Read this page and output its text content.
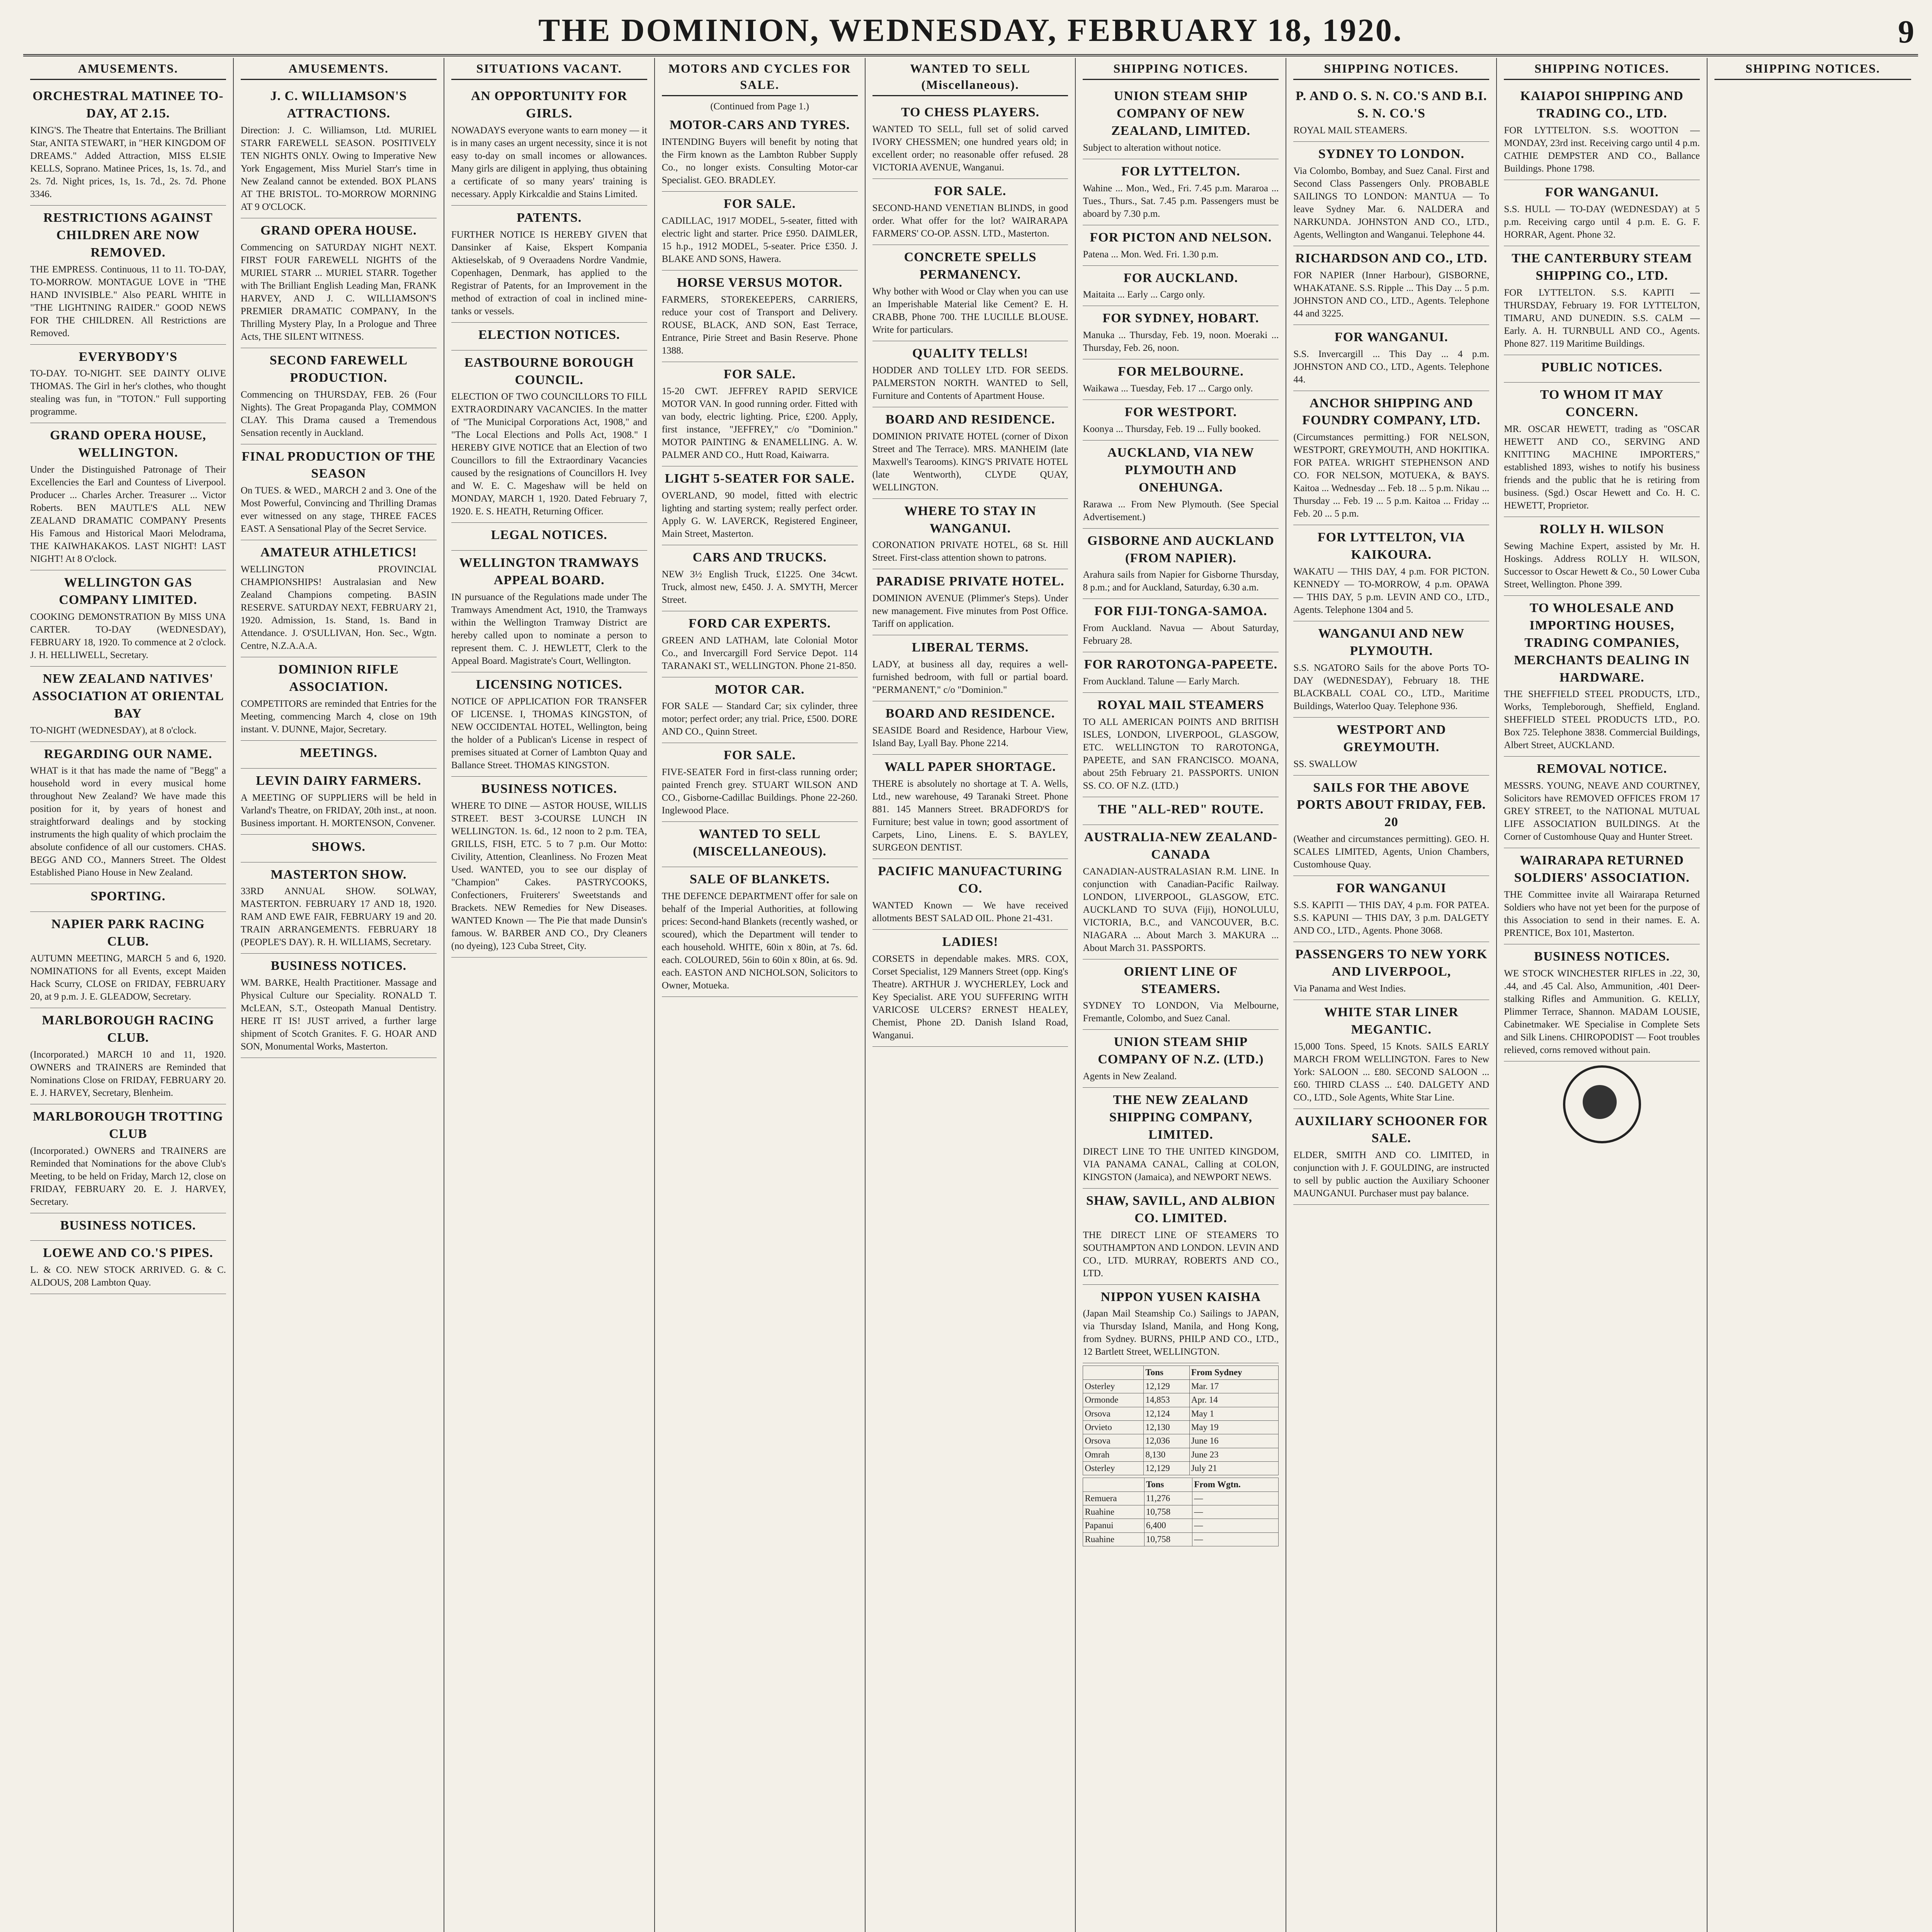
THE DOMINION, WEDNESDAY, FEBRUARY 18, 1920.	9
AMUSEMENTS.
ORCHESTRAL MATINEE TO-DAY, AT 2.15.
KING'S. The Theatre that Entertains. The Brilliant Star, ANITA STEWART, in "HER KINGDOM OF DREAMS." Added Attraction, MISS ELSIE KELLS, Soprano. Matinee Prices, 1s, 1s. 7d., and 2s. 7d. Night prices, 1s, 1s. 7d., 2s. 7d. Phone 3346.
RESTRICTIONS AGAINST CHILDREN ARE NOW REMOVED.
THE EMPRESS. Continuous, 11 to 11. TO-DAY, TO-MORROW. MONTAGUE LOVE in "THE HAND INVISIBLE." Also PEARL WHITE in "THE LIGHTNING RAIDER." GOOD NEWS FOR THE CHILDREN. All Restrictions are Removed.
EVERYBODY'S
TO-DAY. TO-NIGHT. SEE DAINTY OLIVE THOMAS. The Girl in her's clothes, who thought stealing was fun, in "TOTON." Full supporting programme.
GRAND OPERA HOUSE, WELLINGTON.
Under the Distinguished Patronage of Their Excellencies the Earl and Countess of Liverpool. Producer ... Charles Archer. Treasurer ... Victor Roberts. BEN MAUTLE'S ALL NEW ZEALAND DRAMATIC COMPANY Presents His Famous and Historical Maori Melodrama, THE KAIWHAKAKOS. LAST NIGHT! LAST NIGHT! At 8 O'clock.
WELLINGTON GAS COMPANY LIMITED.
COOKING DEMONSTRATION By MISS UNA CARTER. TO-DAY (WEDNESDAY), FEBRUARY 18, 1920. To commence at 2 o'clock. J. H. HELLIWELL, Secretary.
NEW ZEALAND NATIVES' ASSOCIATION AT ORIENTAL BAY
TO-NIGHT (WEDNESDAY), at 8 o'clock.
REGARDING OUR NAME.
WHAT is it that has made the name of "Begg" a household word in every musical home throughout New Zealand? We have made this position for it, by years of honest and straightforward dealings and by stocking instruments the high quality of which proclaim the absolute confidence of all our customers. CHAS. BEGG AND CO., Manners Street. The Oldest Established Piano House in New Zealand.
SPORTING.
NAPIER PARK RACING CLUB.
AUTUMN MEETING, MARCH 5 and 6, 1920. NOMINATIONS for all Events, except Maiden Hack Scurry, CLOSE on FRIDAY, FEBRUARY 20, at 9 p.m. J. E. GLEADOW, Secretary.
MARLBOROUGH RACING CLUB.
(Incorporated.) MARCH 10 and 11, 1920. OWNERS and TRAINERS are Reminded that Nominations Close on FRIDAY, FEBRUARY 20. E. J. HARVEY, Secretary, Blenheim.
MARLBOROUGH TROTTING CLUB
(Incorporated.) OWNERS and TRAINERS are Reminded that Nominations for the above Club's Meeting, to be held on Friday, March 12, close on FRIDAY, FEBRUARY 20. E. J. HARVEY, Secretary.
BUSINESS NOTICES.
LOEWE AND CO.'S PIPES.
L. & CO. NEW STOCK ARRIVED. G. & C. ALDOUS, 208 Lambton Quay.
AMUSEMENTS.
J. C. WILLIAMSON'S ATTRACTIONS.
Direction: J. C. Williamson, Ltd. MURIEL STARR FAREWELL SEASON. POSITIVELY TEN NIGHTS ONLY. Owing to Imperative New York Engagement, Miss Muriel Starr's time in New Zealand cannot be extended. BOX PLANS AT THE BRISTOL. TO-MORROW MORNING AT 9 O'CLOCK.
GRAND OPERA HOUSE.
Commencing on SATURDAY NIGHT NEXT. FIRST FOUR FAREWELL NIGHTS of the MURIEL STARR ... MURIEL STARR. Together with The Brilliant English Leading Man, FRANK HARVEY, AND J. C. WILLIAMSON'S PREMIER DRAMATIC COMPANY, In the Thrilling Mystery Play, In a Prologue and Three Acts, THE SILENT WITNESS.
SECOND FAREWELL PRODUCTION.
Commencing on THURSDAY, FEB. 26 (Four Nights). The Great Propaganda Play, COMMON CLAY. This Drama caused a Tremendous Sensation recently in Auckland.
FINAL PRODUCTION OF THE SEASON
On TUES. & WED., MARCH 2 and 3. One of the Most Powerful, Convincing and Thrilling Dramas ever witnessed on any stage, THREE FACES EAST. A Sensational Play of the Secret Service.
AMATEUR ATHLETICS!
WELLINGTON PROVINCIAL CHAMPIONSHIPS! Australasian and New Zealand Champions competing. BASIN RESERVE. SATURDAY NEXT, FEBRUARY 21, 1920. Admission, 1s. Stand, 1s. Band in Attendance. J. O'SULLIVAN, Hon. Sec., Wgtn. Centre, N.Z.A.A.A.
DOMINION RIFLE ASSOCIATION.
COMPETITORS are reminded that Entries for the Meeting, commencing March 4, close on 19th instant. V. DUNNE, Major, Secretary.
MEETINGS.
LEVIN DAIRY FARMERS.
A MEETING OF SUPPLIERS will be held in Varland's Theatre, on FRIDAY, 20th inst., at noon. Business important. H. MORTENSON, Convener.
SHOWS.
MASTERTON SHOW.
33RD ANNUAL SHOW. SOLWAY, MASTERTON. FEBRUARY 17 AND 18, 1920. RAM AND EWE FAIR, FEBRUARY 19 and 20. TRAIN ARRANGEMENTS. FEBRUARY 18 (PEOPLE'S DAY). R. H. WILLIAMS, Secretary.
BUSINESS NOTICES.
WM. BARKE, Health Practitioner. Massage and Physical Culture our Speciality. RONALD T. McLEAN, S.T., Osteopath Manual Dentistry. HERE IT IS! JUST arrived, a further large shipment of Scotch Granites. F. G. HOAR AND SON, Monumental Works, Masterton.
SITUATIONS VACANT.
AN OPPORTUNITY FOR GIRLS.
NOWADAYS everyone wants to earn money — it is in many cases an urgent necessity, since it is not easy to-day on small incomes or allowances. Many girls are diligent in applying, thus obtaining a certificate of so many years' training is necessary. Apply Kirkcaldie and Stains Limited.
PATENTS.
FURTHER NOTICE IS HEREBY GIVEN that Dansinker af Kaise, Ekspert Kompania Aktieselskab, of 9 Overaadens Nordre Vandmie, Copenhagen, Denmark, has applied to the Registrar of Patents, for an Improvement in the method of extraction of coal in inclined mine-tanks or vessels.
ELECTION NOTICES.
EASTBOURNE BOROUGH COUNCIL.
ELECTION OF TWO COUNCILLORS TO FILL EXTRAORDINARY VACANCIES. In the matter of "The Municipal Corporations Act, 1908," and "The Local Elections and Polls Act, 1908." I HEREBY GIVE NOTICE that an Election of two Councillors to fill the Extraordinary Vacancies caused by the resignations of Councillors H. Ivey and W. E. C. Mageshaw will be held on MONDAY, MARCH 1, 1920. Dated February 7, 1920. E. S. HEATH, Returning Officer.
LEGAL NOTICES.
WELLINGTON TRAMWAYS APPEAL BOARD.
IN pursuance of the Regulations made under The Tramways Amendment Act, 1910, the Tramways within the Wellington Tramway District are hereby called upon to nominate a person to represent them. C. J. HEWLETT, Clerk to the Appeal Board. Magistrate's Court, Wellington.
LICENSING NOTICES.
NOTICE OF APPLICATION FOR TRANSFER OF LICENSE. I, THOMAS KINGSTON, of NEW OCCIDENTAL HOTEL, Wellington, being the holder of a Publican's License in respect of premises situated at Corner of Lambton Quay and Ballance Street. THOMAS KINGSTON.
BUSINESS NOTICES.
WHERE TO DINE — ASTOR HOUSE, WILLIS STREET. BEST 3-COURSE LUNCH IN WELLINGTON. 1s. 6d., 12 noon to 2 p.m. TEA, GRILLS, FISH, ETC. 5 to 7 p.m. Our Motto: Civility, Attention, Cleanliness. No Frozen Meat Used. WANTED, you to see our display of "Champion" Cakes. PASTRYCOOKS, Confectioners, Fruiterers' Sweetstands and Brackets. NEW Remedies for New Diseases. WANTED Known — The Pie that made Dunsin's famous. W. BARBER AND CO., Dry Cleaners (no dyeing), 123 Cuba Street, City.
MOTORS AND CYCLES FOR SALE.
(Continued from Page 1.)
MOTOR-CARS AND TYRES.
INTENDING Buyers will benefit by noting that the Firm known as the Lambton Rubber Supply Co., no longer exists. Consulting Motor-car Specialist. GEO. BRADLEY.
FOR SALE.
CADILLAC, 1917 MODEL, 5-seater, fitted with electric light and starter. Price £950. DAIMLER, 15 h.p., 1912 MODEL, 5-seater. Price £350. J. BLAKE AND SONS, Hawera.
HORSE VERSUS MOTOR.
FARMERS, STOREKEEPERS, CARRIERS, reduce your cost of Transport and Delivery. ROUSE, BLACK, AND SON, East Terrace, Entrance, Pirie Street and Basin Reserve. Phone 1388.
FOR SALE.
15-20 CWT. JEFFREY RAPID SERVICE MOTOR VAN. In good running order. Fitted with van body, electric lighting. Price, £200. Apply, first instance, "JEFFREY," c/o "Dominion." MOTOR PAINTING & ENAMELLING. A. W. PALMER AND CO., Hutt Road, Kaiwarra.
LIGHT 5-SEATER FOR SALE.
OVERLAND, 90 model, fitted with electric lighting and starting system; really perfect order. Apply G. W. LAVERCK, Registered Engineer, Main Street, Masterton.
CARS AND TRUCKS.
NEW 3½ English Truck, £1225. One 34cwt. Truck, almost new, £450. J. A. SMYTH, Mercer Street.
FORD CAR EXPERTS.
GREEN AND LATHAM, late Colonial Motor Co., and Invercargill Ford Service Depot. 114 TARANAKI ST., WELLINGTON. Phone 21-850.
MOTOR CAR.
FOR SALE — Standard Car; six cylinder, three motor; perfect order; any trial. Price, £500. DORE AND CO., Quinn Street.
FOR SALE.
FIVE-SEATER Ford in first-class running order; painted French grey. STUART WILSON AND CO., Gisborne-Cadillac Buildings. Phone 22-260. Inglewood Place.
WANTED TO SELL (MISCELLANEOUS).
SALE OF BLANKETS.
THE DEFENCE DEPARTMENT offer for sale on behalf of the Imperial Authorities, at following prices: Second-hand Blankets (recently washed, or scoured), which the Department will tender to each household. WHITE, 60in x 80in, at 7s. 6d. each. COLOURED, 56in to 60in x 80in, at 6s. 9d. each. EASTON AND NICHOLSON, Solicitors to Owner, Motueka.
WANTED TO SELL (Miscellaneous).
TO CHESS PLAYERS.
WANTED TO SELL, full set of solid carved IVORY CHESSMEN; one hundred years old; in excellent order; no reasonable offer refused. 28 VICTORIA AVENUE, Wanganui.
FOR SALE.
SECOND-HAND VENETIAN BLINDS, in good order. What offer for the lot? WAIRARAPA FARMERS' CO-OP. ASSN. LTD., Masterton.
CONCRETE SPELLS PERMANENCY.
Why bother with Wood or Clay when you can use an Imperishable Material like Cement? E. H. CRABB, Phone 700. THE LUCILLE BLOUSE. Write for particulars.
QUALITY TELLS!
HODDER AND TOLLEY LTD. FOR SEEDS. PALMERSTON NORTH. WANTED to Sell, Furniture and Contents of Apartment House.
BOARD AND RESIDENCE.
DOMINION PRIVATE HOTEL (corner of Dixon Street and The Terrace). MRS. MANHEIM (late Maxwell's Tearooms). KING'S PRIVATE HOTEL (late Wentworth), CLYDE QUAY, WELLINGTON.
WHERE TO STAY IN WANGANUI.
CORONATION PRIVATE HOTEL, 68 St. Hill Street. First-class attention shown to patrons.
PARADISE PRIVATE HOTEL.
DOMINION AVENUE (Plimmer's Steps). Under new management. Five minutes from Post Office. Tariff on application.
LIBERAL TERMS.
LADY, at business all day, requires a well-furnished bedroom, with full or partial board. "PERMANENT," c/o "Dominion."
BOARD AND RESIDENCE.
SEASIDE Board and Residence, Harbour View, Island Bay, Lyall Bay. Phone 2214.
WALL PAPER SHORTAGE.
THERE is absolutely no shortage at T. A. Wells, Ltd., new warehouse, 49 Taranaki Street. Phone 881. 145 Manners Street. BRADFORD'S for Furniture; best value in town; good assortment of Carpets, Lino, Linens. E. S. BAYLEY, SURGEON DENTIST.
PACIFIC MANUFACTURING CO.
WANTED Known — We have received allotments BEST SALAD OIL. Phone 21-431.
LADIES!
CORSETS in dependable makes. MRS. COX, Corset Specialist, 129 Manners Street (opp. King's Theatre). ARTHUR J. WYCHERLEY, Lock and Key Specialist. ARE YOU SUFFERING WITH VARICOSE ULCERS? ERNEST HEALEY, Chemist, Phone 2D. Danish Island Road, Wanganui.
SHIPPING NOTICES.
UNION STEAM SHIP COMPANY OF NEW ZEALAND, LIMITED.
Subject to alteration without notice.
FOR LYTTELTON.
Wahine ... Mon., Wed., Fri. 7.45 p.m. Mararoa ... Tues., Thurs., Sat. 7.45 p.m. Passengers must be aboard by 7.30 p.m.
FOR PICTON AND NELSON.
Patena ... Mon. Wed. Fri. 1.30 p.m.
FOR AUCKLAND.
Maitaita ... Early ... Cargo only.
FOR SYDNEY, HOBART.
Manuka ... Thursday, Feb. 19, noon. Moeraki ... Thursday, Feb. 26, noon.
FOR MELBOURNE.
Waikawa ... Tuesday, Feb. 17 ... Cargo only.
FOR WESTPORT.
Koonya ... Thursday, Feb. 19 ... Fully booked.
AUCKLAND, VIA NEW PLYMOUTH AND ONEHUNGA.
Rarawa ... From New Plymouth. (See Special Advertisement.)
GISBORNE AND AUCKLAND (FROM NAPIER).
Arahura sails from Napier for Gisborne Thursday, 8 p.m.; and for Auckland, Saturday, 6.30 a.m.
FOR FIJI-TONGA-SAMOA.
From Auckland. Navua — About Saturday, February 28.
FOR RAROTONGA-PAPEETE.
From Auckland. Talune — Early March.
ROYAL MAIL STEAMERS
TO ALL AMERICAN POINTS AND BRITISH ISLES, LONDON, LIVERPOOL, GLASGOW, ETC. WELLINGTON TO RAROTONGA, PAPEETE, and SAN FRANCISCO. MOANA, about 25th February 21. PASSPORTS. UNION SS. CO. OF N.Z. (LTD.)
THE "ALL-RED" ROUTE.
AUSTRALIA-NEW ZEALAND-CANADA
CANADIAN-AUSTRALASIAN R.M. LINE. In conjunction with Canadian-Pacific Railway. LONDON, LIVERPOOL, GLASGOW, ETC. AUCKLAND TO SUVA (Fiji), HONOLULU, VICTORIA, B.C., and VANCOUVER, B.C. NIAGARA ... About March 3. MAKURA ... About March 31. PASSPORTS.
ORIENT LINE OF STEAMERS.
SYDNEY TO LONDON, Via Melbourne, Fremantle, Colombo, and Suez Canal.
UNION STEAM SHIP COMPANY OF N.Z. (LTD.)
Agents in New Zealand.
THE NEW ZEALAND SHIPPING COMPANY, LIMITED.
DIRECT LINE TO THE UNITED KINGDOM, VIA PANAMA CANAL, Calling at COLON, KINGSTON (Jamaica), and NEWPORT NEWS.
SHAW, SAVILL, AND ALBION CO. LIMITED.
THE DIRECT LINE OF STEAMERS TO SOUTHAMPTON AND LONDON. LEVIN AND CO., LTD. MURRAY, ROBERTS AND CO., LTD.
NIPPON YUSEN KAISHA
(Japan Mail Steamship Co.) Sailings to JAPAN, via Thursday Island, Manila, and Hong Kong, from Sydney. BURNS, PHILP AND CO., LTD., 12 Bartlett Street, WELLINGTON.
	Tons	From Sydney
Osterley	12,129	Mar. 17
Ormonde	14,853	Apr. 14
Orsova	12,124	May 1
Orvieto	12,130	May 19
Orsova	12,036	June 16
Omrah	8,130	June 23
Osterley	12,129	July 21
	Tons	From Wgtn.
Remuera	11,276	—
Ruahine	10,758	—
Papanui	6,400	—
Ruahine	10,758	—
SHIPPING NOTICES.
P. AND O. S. N. CO.'S AND B.I. S. N. CO.'S
ROYAL MAIL STEAMERS.
SYDNEY TO LONDON.
Via Colombo, Bombay, and Suez Canal. First and Second Class Passengers Only. PROBABLE SAILINGS TO LONDON: MANTUA — To leave Sydney Mar. 6. NALDERA and NARKUNDA. JOHNSTON AND CO., LTD., Agents, Wellington and Wanganui. Telephone 44.
RICHARDSON AND CO., LTD.
FOR NAPIER (Inner Harbour), GISBORNE, WHAKATANE. S.S. Ripple ... This Day ... 5 p.m. JOHNSTON AND CO., LTD., Agents. Telephone 44 and 3225.
FOR WANGANUI.
S.S. Invercargill ... This Day ... 4 p.m. JOHNSTON AND CO., LTD., Agents. Telephone 44.
ANCHOR SHIPPING AND FOUNDRY COMPANY, LTD.
(Circumstances permitting.) FOR NELSON, WESTPORT, GREYMOUTH, AND HOKITIKA. FOR PATEA. WRIGHT STEPHENSON AND CO. FOR NELSON, MOTUEKA, & BAYS. Kaitoa ... Wednesday ... Feb. 18 ... 5 p.m. Nikau ... Thursday ... Feb. 19 ... 5 p.m. Kaitoa ... Friday ... Feb. 20 ... 5 p.m.
FOR LYTTELTON, VIA KAIKOURA.
WAKATU — THIS DAY, 4 p.m. FOR PICTON. KENNEDY — TO-MORROW, 4 p.m. OPAWA — THIS DAY, 5 p.m. LEVIN AND CO., LTD., Agents. Telephone 1304 and 5.
WANGANUI AND NEW PLYMOUTH.
S.S. NGATORO Sails for the above Ports TO-DAY (WEDNESDAY), February 18. THE BLACKBALL COAL CO., LTD., Maritime Buildings, Waterloo Quay. Telephone 936.
WESTPORT AND GREYMOUTH.
SS. SWALLOW
SAILS FOR THE ABOVE PORTS ABOUT FRIDAY, FEB. 20
(Weather and circumstances permitting). GEO. H. SCALES LIMITED, Agents, Union Chambers, Customhouse Quay.
FOR WANGANUI
S.S. KAPITI — THIS DAY, 4 p.m. FOR PATEA. S.S. KAPUNI — THIS DAY, 3 p.m. DALGETY AND CO., LTD., Agents. Phone 3068.
PASSENGERS TO NEW YORK AND LIVERPOOL,
Via Panama and West Indies.
WHITE STAR LINER MEGANTIC.
15,000 Tons. Speed, 15 Knots. SAILS EARLY MARCH FROM WELLINGTON. Fares to New York: SALOON ... £80. SECOND SALOON ... £60. THIRD CLASS ... £40. DALGETY AND CO., LTD., Sole Agents, White Star Line.
AUXILIARY SCHOONER FOR SALE.
ELDER, SMITH AND CO. LIMITED, in conjunction with J. F. GOULDING, are instructed to sell by public auction the Auxiliary Schooner MAUNGANUI. Purchaser must pay balance.
SHIPPING NOTICES.
KAIAPOI SHIPPING AND TRADING CO., LTD.
FOR LYTTELTON. S.S. WOOTTON — MONDAY, 23rd inst. Receiving cargo until 4 p.m. CATHIE DEMPSTER AND CO., Ballance Buildings. Phone 1798.
FOR WANGANUI.
S.S. HULL — TO-DAY (WEDNESDAY) at 5 p.m. Receiving cargo until 4 p.m. E. G. F. HORRAR, Agent. Phone 32.
THE CANTERBURY STEAM SHIPPING CO., LTD.
FOR LYTTELTON. S.S. KAPITI — THURSDAY, February 19. FOR LYTTELTON, TIMARU, AND DUNEDIN. S.S. CALM — Early. A. H. TURNBULL AND CO., Agents. Phone 827. 119 Maritime Buildings.
PUBLIC NOTICES.
TO WHOM IT MAY CONCERN.
MR. OSCAR HEWETT, trading as "OSCAR HEWETT AND CO., SERVING AND KNITTING MACHINE IMPORTERS," established 1893, wishes to notify his business friends and the public that he is retiring from business. (Sgd.) Oscar Hewett and Co. H. C. HEWETT, Proprietor.
ROLLY H. WILSON
Sewing Machine Expert, assisted by Mr. H. Hoskings. Address ROLLY H. WILSON, Successor to Oscar Hewett & Co., 50 Lower Cuba Street, Wellington. Phone 399.
TO WHOLESALE AND IMPORTING HOUSES, TRADING COMPANIES, MERCHANTS DEALING IN HARDWARE.
THE SHEFFIELD STEEL PRODUCTS, LTD., Works, Templeborough, Sheffield, England. SHEFFIELD STEEL PRODUCTS LTD., P.O. Box 725. Telephone 3838. Commercial Buildings, Albert Street, AUCKLAND.
REMOVAL NOTICE.
MESSRS. YOUNG, NEAVE AND COURTNEY, Solicitors have REMOVED OFFICES FROM 17 GREY STREET, to the NATIONAL MUTUAL LIFE ASSOCIATION BUILDINGS. At the Corner of Customhouse Quay and Hunter Street.
WAIRARAPA RETURNED SOLDIERS' ASSOCIATION.
THE Committee invite all Wairarapa Returned Soldiers who have not yet been for the purpose of this Association to send in their names. E. A. PRENTICE, Box 101, Masterton.
BUSINESS NOTICES.
WE STOCK WINCHESTER RIFLES in .22, 30, .44, and .45 Cal. Also, Ammunition, .401 Deer-stalking Rifles and Ammunition. G. KELLY, Plimmer Terrace, Shannon. MADAM LOUSIE, Cabinetmaker. WE Specialise in Complete Sets and Silk Linens. CHIROPODIST — Foot troubles relieved, corns removed without pain.
SHIPPING NOTICES.
